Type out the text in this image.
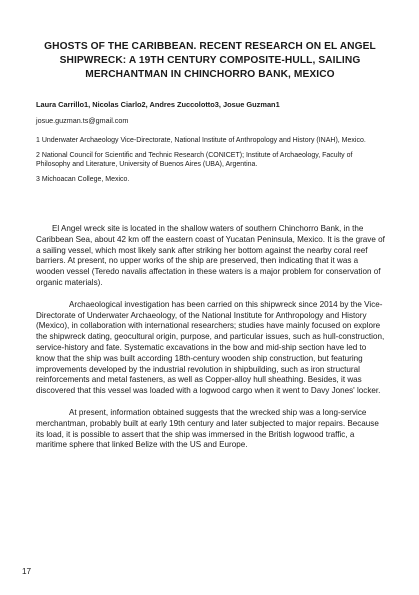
GHOSTS OF THE CARIBBEAN. RECENT RESEARCH ON EL ANGEL SHIPWRECK: A 19TH CENTURY COMPOSITE-HULL, SAILING MERCHANTMAN IN CHINCHORRO BANK, MEXICO
Laura Carrillo1, Nicolas Ciarlo2, Andres Zuccolotto3, Josue Guzman1
josue.guzman.ts@gmail.com

1 Underwater Archaeology Vice-Directorate, National Institute of Anthropology and History (INAH), Mexico.

2 National Council for Scientific and Technic Research (CONICET); Institute of Archaeology, Faculty of Philosophy and Literature, University of Buenos Aires (UBA), Argentina.

3 Michoacan College, Mexico.

El Angel wreck site is located in the shallow waters of southern Chinchorro Bank, in the Caribbean Sea, about 42 km off the eastern coast of Yucatan Peninsula, Mexico. It is the grave of a sailing vessel, which most likely sank after striking her bottom against the nearby coral reef barriers. At present, no upper works of the ship are preserved, then indicating that it was a wooden vessel (Teredo navalis affectation in these waters is a major problem for conservation of organic materials).

Archaeological investigation has been carried on this shipwreck since 2014 by the Vice-Directorate of Underwater Archaeology, of the National Institute for Anthropology and History (Mexico), in collaboration with international researchers; studies have mainly focused on explore the shipwreck dating, geocultural origin, purpose, and particular issues, such as hull-construction, service-history and fate. Systematic excavations in the bow and mid-ship section have led to know that the ship was built according 18th-century wooden ship construction, but featuring improvements developed by the industrial revolution in shipbuilding, such as iron structural reinforcements and metal fasteners, as well as Copper-alloy hull sheathing. Besides, it was discovered that this vessel was loaded with a logwood cargo when it went to Davy Jones' locker.

At present, information obtained suggests that the wrecked ship was a long-service merchantman, probably built at early 19th century and later subjected to major repairs. Because its load, it is possible to assert that the ship was immersed in the British logwood traffic, a maritime sphere that linked Belize with the US and Europe.

17
